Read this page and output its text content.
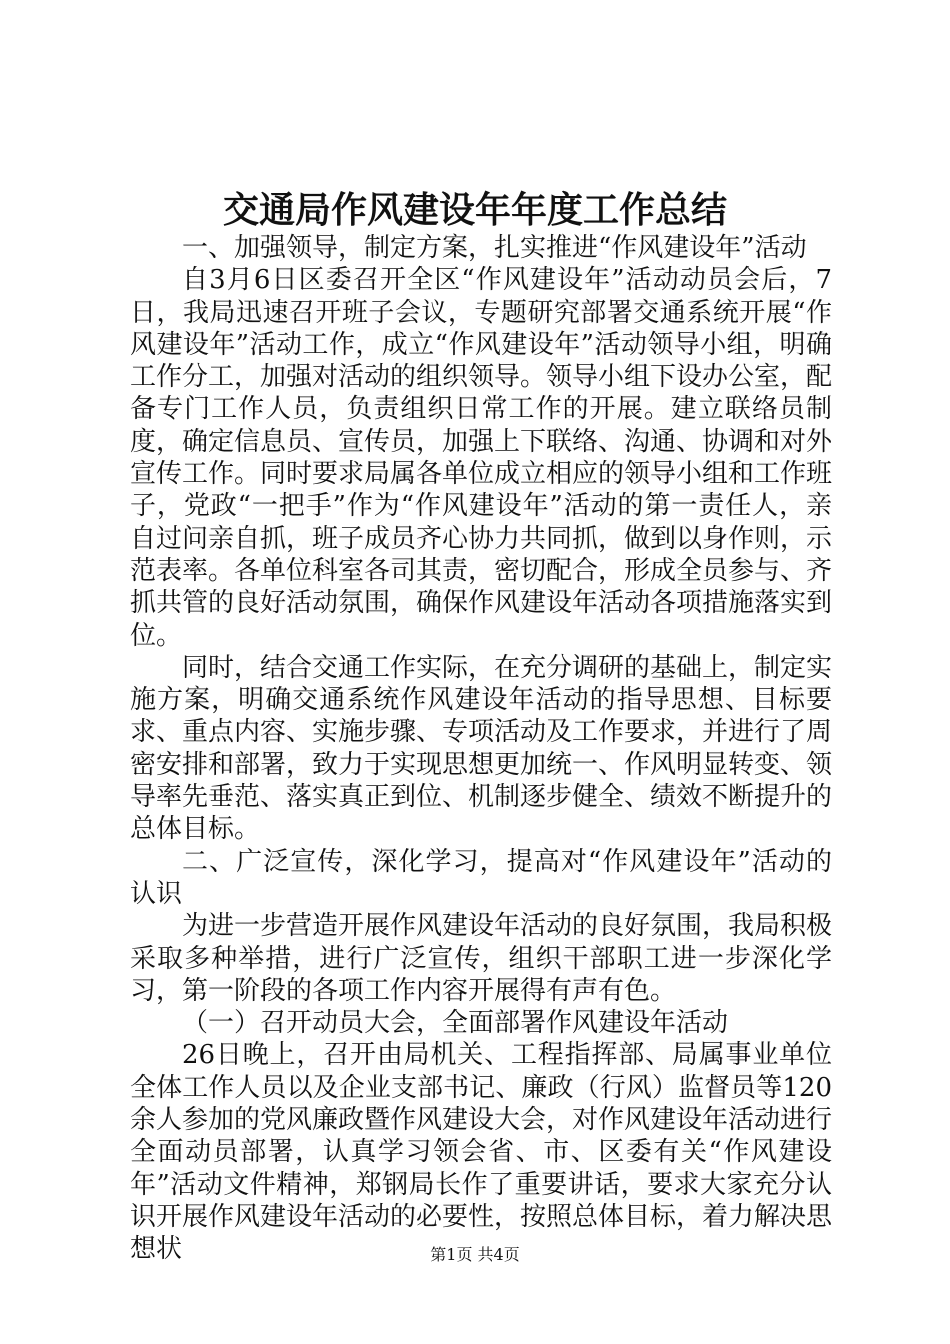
交通局作风建设年年度工作总结

一、加强领导，制定方案，扎实推进“作风建设年”活动

自3月6日区委召开全区“作风建设年”活动动员会后，7日，我局迅速召开班子会议，专题研究部署交通系统开展“作风建设年”活动工作，成立“作风建设年”活动领导小组，明确工作分工，加强对活动的组织领导。领导小组下设办公室，配备专门工作人员，负责组织日常工作的开展。建立联络员制度，确定信息员、宣传员，加强上下联络、沟通、协调和对外宣传工作。同时要求局属各单位成立相应的领导小组和工作班子，党政“一把手”作为“作风建设年”活动的第一责任人，亲自过问亲自抓，班子成员齐心协力共同抓，做到以身作则，示范表率。各单位科室各司其责，密切配合，形成全员参与、齐抓共管的良好活动氛围，确保作风建设年活动各项措施落实到位。

同时，结合交通工作实际，在充分调研的基础上，制定实施方案，明确交通系统作风建设年活动的指导思想、目标要求、重点内容、实施步骤、专项活动及工作要求，并进行了周密安排和部署，致力于实现思想更加统一、作风明显转变、领导率先垂范、落实真正到位、机制逐步健全、绩效不断提升的总体目标。

二、广泛宣传，深化学习，提高对“作风建设年”活动的认识

为进一步营造开展作风建设年活动的良好氛围，我局积极采取多种举措，进行广泛宣传，组织干部职工进一步深化学习，第一阶段的各项工作内容开展得有声有色。

（一）召开动员大会，全面部署作风建设年活动

26日晚上，召开由局机关、工程指挥部、局属事业单位全体工作人员以及企业支部书记、廉政（行风）监督员等120余人参加的党风廉政暨作风建设大会，对作风建设年活动进行全面动员部署，认真学习领会省、市、区委有关“作风建设年”活动文件精神，郑钢局长作了重要讲话，要求大家充分认识开展作风建设年活动的必要性，按照总体目标，着力解决思想状	第1页 共4页
